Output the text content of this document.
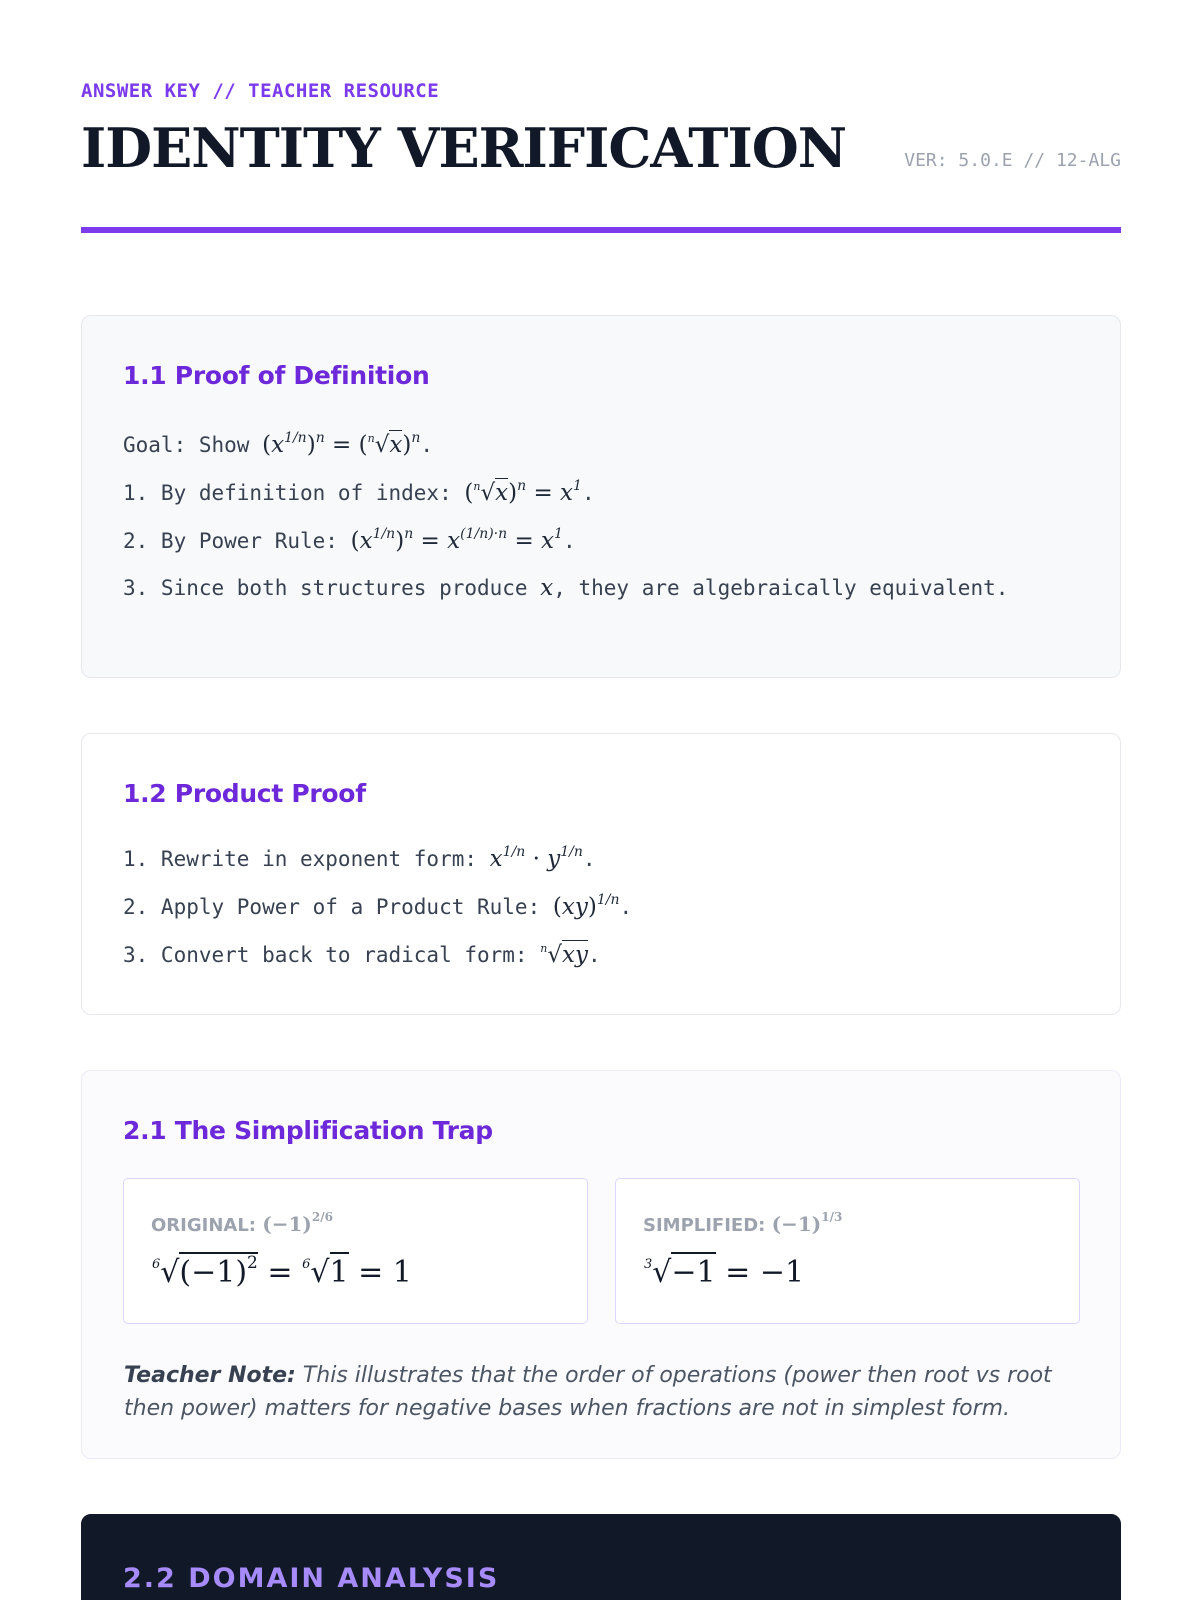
ANSWER KEY // TEACHER RESOURCE
IDENTITY VERIFICATION	VER: 5.0.E // 12-ALG
1.1 Proof of Definition
Goal: Show $(x^{1/n})^n = (^n√x)^n$.
1. By definition of index: $(^n√x)^n = x^1$.
2. By Power Rule: $(x^{1/n})^n = x^{(1/n)\cdot n} = x^1$.
3. Since both structures produce x, they are algebraically equivalent.
1.2 Product Proof
1. Rewrite in exponent form: $x^{1/n} \cdot y^{1/n}$.
2. Apply Power of a Product Rule: (xy)$^{1/n}$.
3. Convert back to radical form: $^n$√xy.
2.1 The Simplification Trap
ORIGINAL: $(-1)^{2/6}$
$^6√(-1)^2 = ^6√1 = 1$
SIMPLIFIED: $(-1)^{1/3}$
$^3$√−1 = −1
Teacher Note: This illustrates that the order of operations (power then root vs root then power) matters for negative bases when fractions are not in simplest form.
2.2 DOMAIN ANALYSIS
